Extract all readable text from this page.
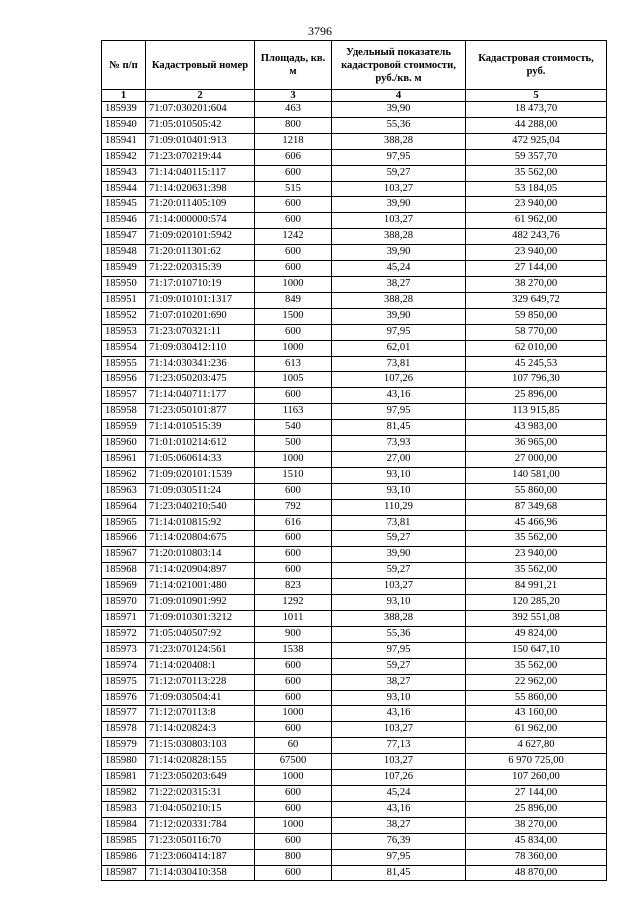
3796
№ п/п	Кадастровый номер	Площадь, кв. м	Удельный показатель кадастровой стоимости, руб./кв. м	Кадастровая стоимость, руб.
1	2	3	4	5
185939	71:07:030201:604	463	39,90	18 473,70
185940	71:05:010505:42	800	55,36	44 288,00
185941	71:09:010401:913	1218	388,28	472 925,04
185942	71:23:070219:44	606	97,95	59 357,70
185943	71:14:040115:117	600	59,27	35 562,00
185944	71:14:020631:398	515	103,27	53 184,05
185945	71:20:011405:109	600	39,90	23 940,00
185946	71:14:000000:574	600	103,27	61 962,00
185947	71:09:020101:5942	1242	388,28	482 243,76
185948	71:20:011301:62	600	39,90	23 940,00
185949	71:22:020315:39	600	45,24	27 144,00
185950	71:17:010710:19	1000	38,27	38 270,00
185951	71:09:010101:1317	849	388,28	329 649,72
185952	71:07:010201:690	1500	39,90	59 850,00
185953	71:23:070321:11	600	97,95	58 770,00
185954	71:09:030412:110	1000	62,01	62 010,00
185955	71:14:030341:236	613	73,81	45 245,53
185956	71:23:050203:475	1005	107,26	107 796,30
185957	71:14:040711:177	600	43,16	25 896,00
185958	71:23:050101:877	1163	97,95	113 915,85
185959	71:14:010515:39	540	81,45	43 983,00
185960	71:01:010214:612	500	73,93	36 965,00
185961	71:05:060614:33	1000	27,00	27 000,00
185962	71:09:020101:1539	1510	93,10	140 581,00
185963	71:09:030511:24	600	93,10	55 860,00
185964	71:23:040210:540	792	110,29	87 349,68
185965	71:14:010815:92	616	73,81	45 466,96
185966	71:14:020804:675	600	59,27	35 562,00
185967	71:20:010803:14	600	39,90	23 940,00
185968	71:14:020904:897	600	59,27	35 562,00
185969	71:14:021001:480	823	103,27	84 991,21
185970	71:09:010901:992	1292	93,10	120 285,20
185971	71:09:010301:3212	1011	388,28	392 551,08
185972	71:05:040507:92	900	55,36	49 824,00
185973	71:23:070124:561	1538	97,95	150 647,10
185974	71:14:020408:1	600	59,27	35 562,00
185975	71:12:070113:228	600	38,27	22 962,00
185976	71:09:030504:41	600	93,10	55 860,00
185977	71:12:070113:8	1000	43,16	43 160,00
185978	71:14:020824:3	600	103,27	61 962,00
185979	71:15:030803:103	60	77,13	4 627,80
185980	71:14:020828:155	67500	103,27	6 970 725,00
185981	71:23:050203:649	1000	107,26	107 260,00
185982	71:22:020315:31	600	45,24	27 144,00
185983	71:04:050210:15	600	43,16	25 896,00
185984	71:12:020331:784	1000	38,27	38 270,00
185985	71:23:050116:70	600	76,39	45 834,00
185986	71:23:060414:187	800	97,95	78 360,00
185987	71:14:030410:358	600	81,45	48 870,00
